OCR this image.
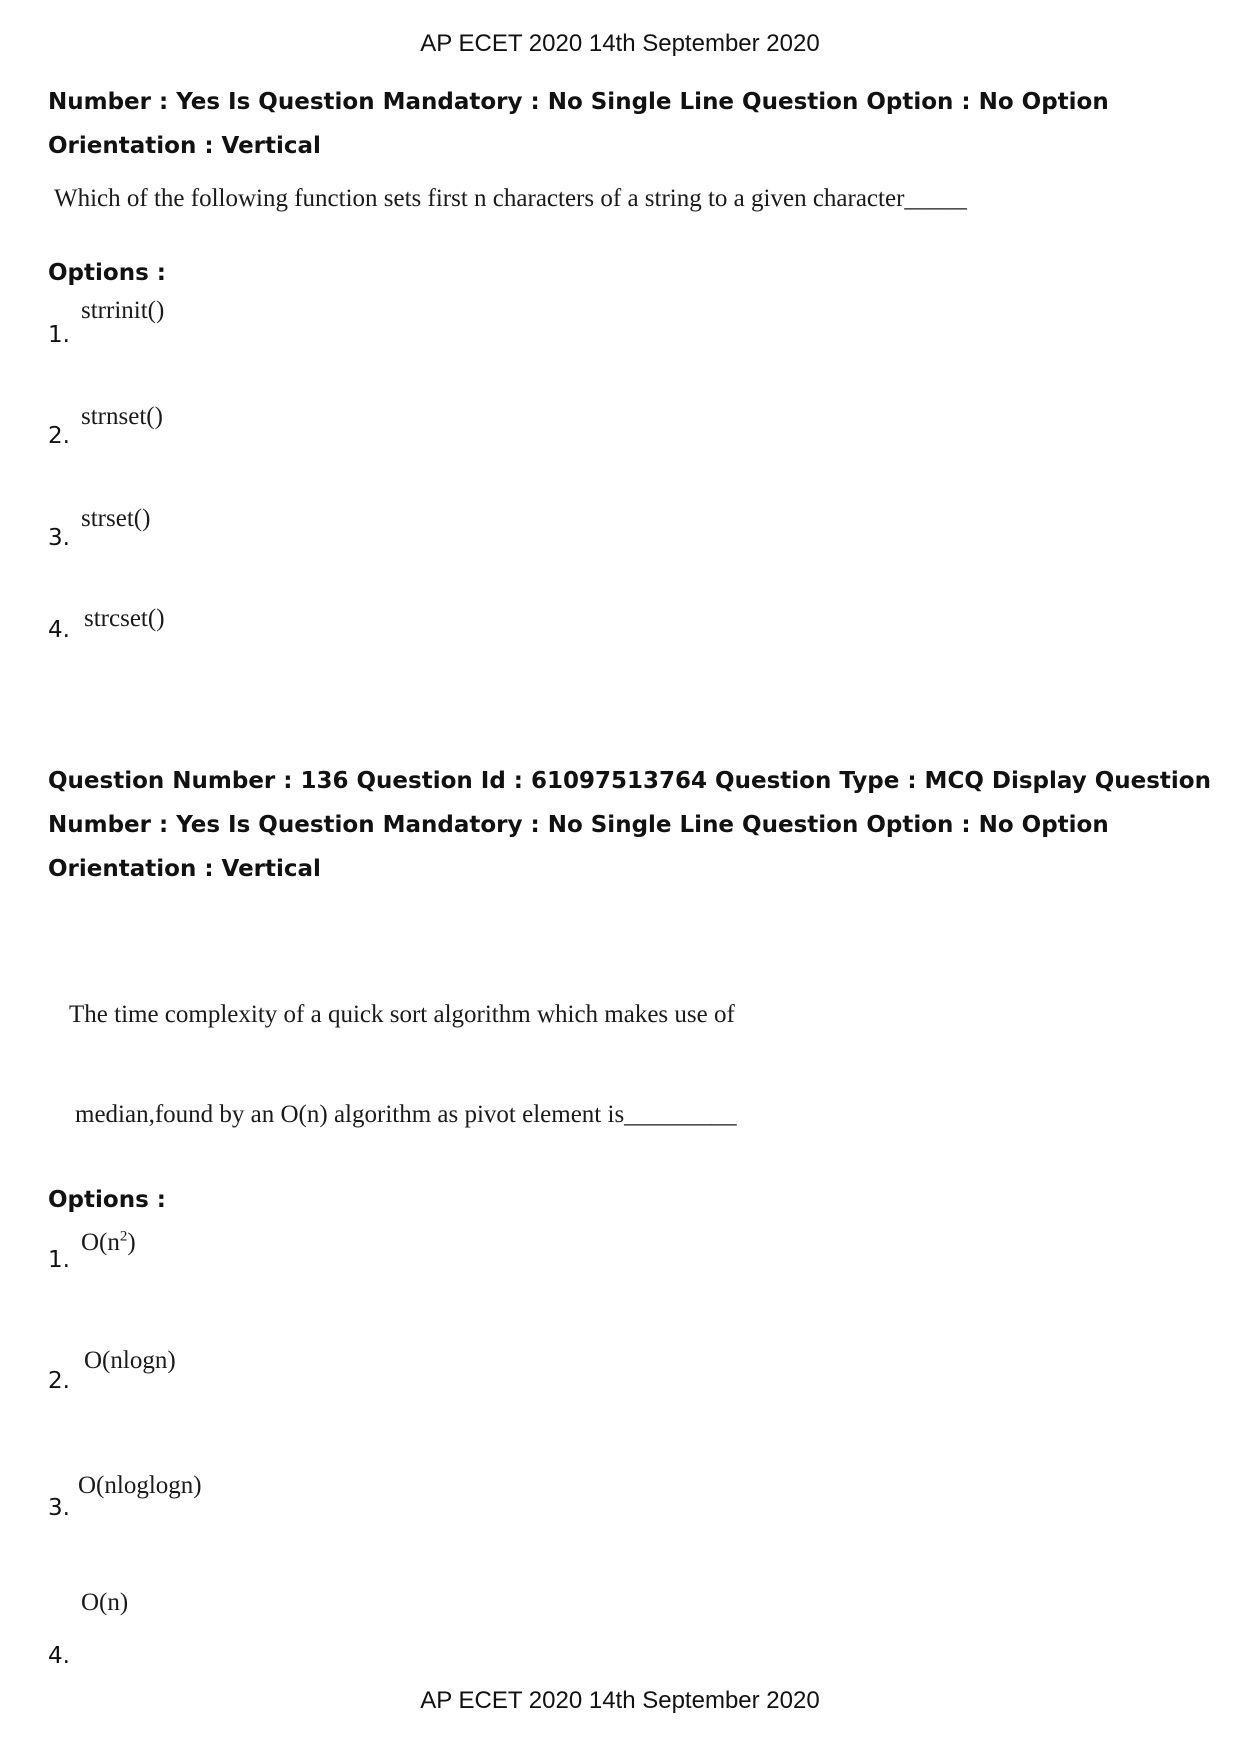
AP ECET 2020 14th September 2020

Number : Yes Is Question Mandatory : No Single Line Question Option : No Option

Orientation : Vertical

Which of the following function sets first n characters of a string to a given character_____

Options :

1.
strrinit()
2.
strnset()
3.
strset()
4. strcset()

Question Number : 136 Question Id : 61097513764 Question Type : MCQ Display Question

Number : Yes Is Question Mandatory : No Single Line Question Option : No Option

Orientation : Vertical

The time complexity of a quick sort algorithm which makes use of
median,found by an O(n) algorithm as pivot element is_________

Options :

1.
$O(n^2)$
2.
O(nlogn)
3.
O(nloglogn)
4.
O(n)
AP ECET 2020 14th September 2020
